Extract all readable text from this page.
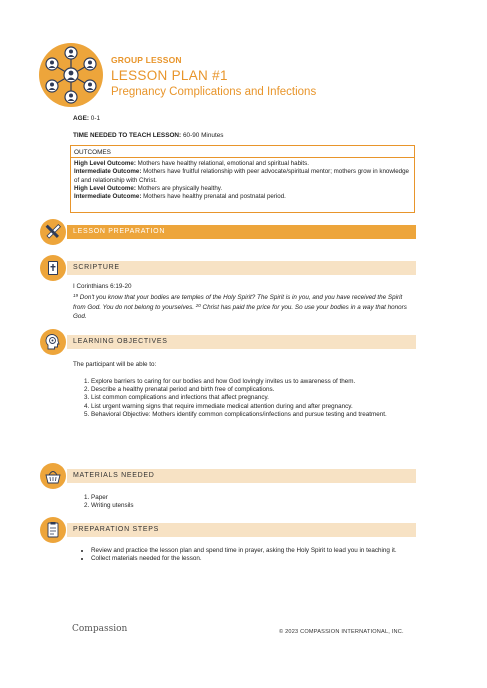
GROUP LESSON
LESSON PLAN #1
Pregnancy Complications and Infections
AGE: 0-1
TIME NEEDED TO TEACH LESSON: 60-90 Minutes
OUTCOMES
High Level Outcome: Mothers have healthy relational, emotional and spiritual habits.
Intermediate Outcome: Mothers have fruitful relationship with peer advocate/spiritual mentor; mothers grow in knowledge of and relationship with Christ.
High Level Outcome: Mothers are physically healthy.
Intermediate Outcome: Mothers have healthy prenatal and postnatal period.
LESSON PREPARATION
SCRIPTURE
I Corinthians 6:19-20
$^{19}$ Don't you know that your bodies are temples of the Holy Spirit? The Spirit is in you, and you have received the Spirit from God. You do not belong to yourselves. $^{20}$ Christ has paid the price for you. So use your bodies in a way that honors God.
LEARNING OBJECTIVES
The participant will be able to:
1. Explore barriers to caring for our bodies and how God lovingly invites us to awareness of them.
2. Describe a healthy prenatal period and birth free of complications.
3. List common complications and infections that affect pregnancy.
4. List urgent warning signs that require immediate medical attention during and after pregnancy.
5. Behavioral Objective: Mothers identify common complications/infections and pursue testing and treatment.
MATERIALS NEEDED
1. Paper
2. Writing utensils
PREPARATION STEPS
• Review and practice the lesson plan and spend time in prayer, asking the Holy Spirit to lead you in teaching it.
• Collect materials needed for the lesson.
Compassion	© 2023 COMPASSION INTERNATIONAL, INC.
